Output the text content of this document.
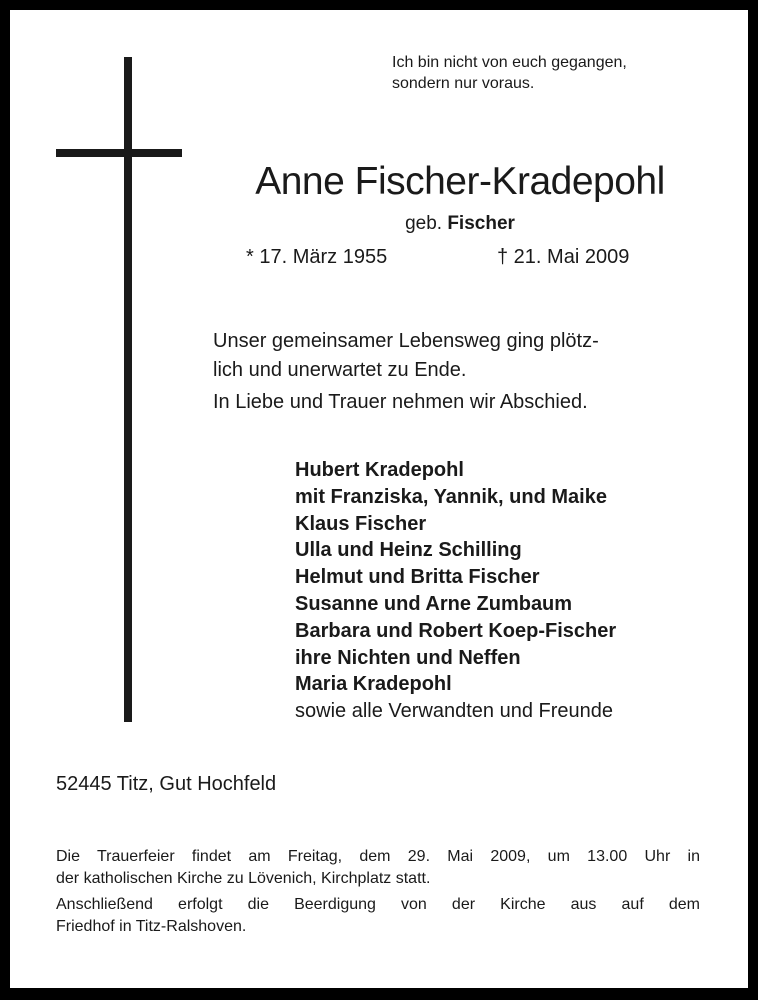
Ich bin nicht von euch gegangen,
sondern nur voraus.
Anne Fischer-Kradepohl
geb. Fischer
* 17. März 1955	† 21. Mai 2009
Unser gemeinsamer Lebensweg ging plötz-
lich und unerwartet zu Ende.
In Liebe und Trauer nehmen wir Abschied.
Hubert Kradepohl
mit Franziska, Yannik, und Maike
Klaus Fischer
Ulla und Heinz Schilling
Helmut und Britta Fischer
Susanne und Arne Zumbaum
Barbara und Robert Koep-Fischer
ihre Nichten und Neffen
Maria Kradepohl
sowie alle Verwandten und Freunde
52445 Titz, Gut Hochfeld
Die Trauerfeier findet am Freitag, dem 29. Mai 2009, um 13.00 Uhr in
der katholischen Kirche zu Lövenich, Kirchplatz statt.
Anschließend erfolgt die Beerdigung von der Kirche aus auf dem
Friedhof in Titz-Ralshoven.
